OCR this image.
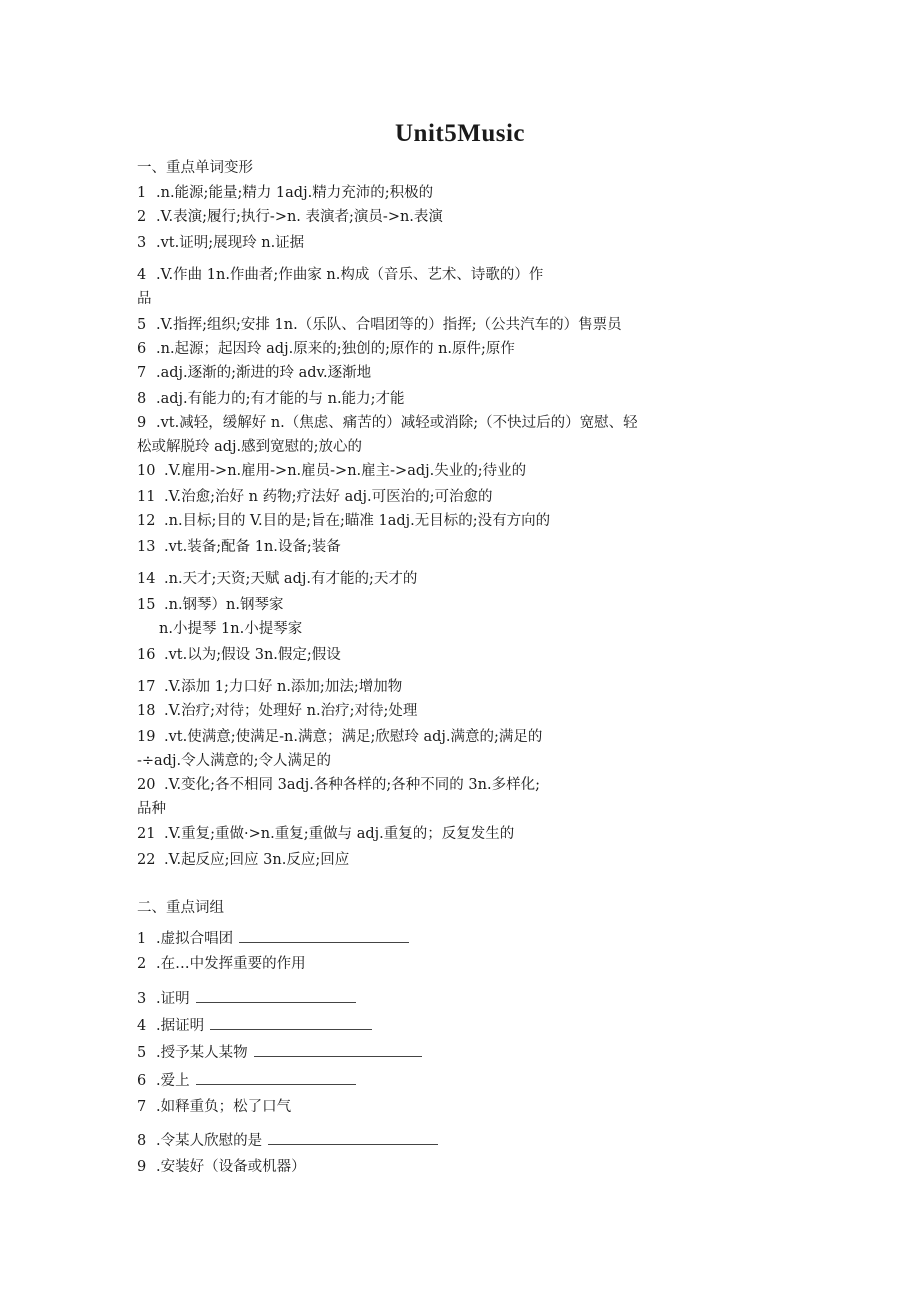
Unit5Music
一、重点单词变形
1 .n.能源;能量;精力 1adj.精力充沛的;积极的
2 .V.表演;履行;执行->n. 表演者;演员->n.表演
3 .vt.证明;展现玲 n.证据
4 .V.作曲 1n.作曲者;作曲家 n.构成（音乐、艺术、诗歌的）作
品
5 .V.指挥;组织;安排 1n.（乐队、合唱团等的）指挥;（公共汽车的）售票员
6 .n.起源；起因玲 adj.原来的;独创的;原作的 n.原件;原作
7 .adj.逐渐的;渐进的玲 adv.逐渐地
8 .adj.有能力的;有才能的与 n.能力;才能
9 .vt.减轻，缓解好 n.（焦虑、痛苦的）减轻或消除;（不快过后的）宽慰、轻
松或解脱玲 adj.感到宽慰的;放心的
10 .V.雇用->n.雇用->n.雇员->n.雇主->adj.失业的;待业的
11 .V.治愈;治好 n 药物;疗法好 adj.可医治的;可治愈的
12 .n.目标;目的 V.目的是;旨在;瞄准 1adj.无目标的;没有方向的
13 .vt.装备;配备 1n.设备;装备
14 .n.天才;天资;天赋 adj.有才能的;天才的
15 .n.钢琴）n.钢琴家
n.小提琴 1n.小提琴家
16 .vt.以为;假设 3n.假定;假设
17 .V.添加 1;力口好 n.添加;加法;增加物
18 .V.治疗;对待；处理好 n.治疗;对待;处理
19 .vt.使满意;使满足-n.满意；满足;欣慰玲 adj.满意的;满足的
-÷adj.令人满意的;令人满足的
20 .V.变化;各不相同 3adj.各种各样的;各种不同的 3n.多样化;
品种
21 .V.重复;重做·>n.重复;重做与 adj.重复的；反复发生的
22 .V.起反应;回应 3n.反应;回应
二、重点词组
1 .虚拟合唱团
2 .在…中发挥重要的作用
3 .证明
4 .据证明
5 .授予某人某物
6 .爱上
7 .如释重负；松了口气
8 .令某人欣慰的是
9 .安装好（设备或机器）
